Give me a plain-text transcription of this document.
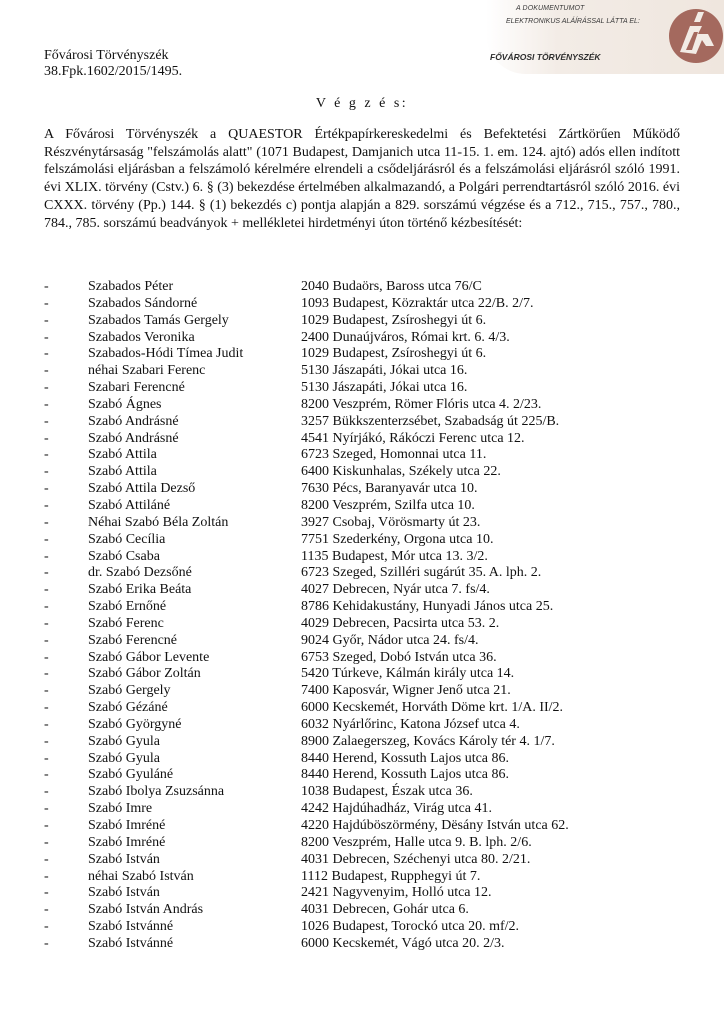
A DOKUMENTUMOT
ELEKTRONIKUS ALÁÍRÁSSAL LÁTTA EL:
FŐVÁROSI TÖRVÉNYSZÉK
Fővárosi Törvényszék
38.Fpk.1602/2015/1495.
V é g z é s:
A Fővárosi Törvényszék a QUAESTOR Értékpapírkereskedelmi és Befektetési Zártkörűen Működő Részvénytársaság "felszámolás alatt" (1071 Budapest, Damjanich utca 11-15. 1. em. 124. ajtó) adós ellen indított felszámolási eljárásban a felszámoló kérelmére elrendeli a csődeljárásról és a felszámolási eljárásról szóló 1991. évi XLIX. törvény (Cstv.) 6. § (3) bekezdése értelmében alkalmazandó, a Polgári perrendtartásról szóló 2016. évi CXXX. törvény (Pp.) 144. § (1) bekezdés c) pontja alapján a 829. sorszámú végzése és a 712., 715., 757., 780., 784., 785. sorszámú beadványok + mellékletei hirdetményi úton történő kézbesítését:
-	Szabados Péter	2040 Budaörs, Baross utca 76/C
-	Szabados Sándorné	1093 Budapest, Közraktár utca 22/B. 2/7.
-	Szabados Tamás Gergely	1029 Budapest, Zsíroshegyi út 6.
-	Szabados Veronika	2400 Dunaújváros, Római krt. 6. 4/3.
-	Szabados-Hódi Tímea Judit	1029 Budapest, Zsíroshegyi út 6.
-	néhai Szabari Ferenc	5130 Jászapáti, Jókai utca 16.
-	Szabari Ferencné	5130 Jászapáti, Jókai utca 16.
-	Szabó Ágnes	8200 Veszprém, Römer Flóris utca 4. 2/23.
-	Szabó Andrásné	3257 Bükkszenterzsébet, Szabadság út 225/B.
-	Szabó Andrásné	4541 Nyírjákó, Rákóczi Ferenc utca 12.
-	Szabó Attila	6723 Szeged, Homonnai utca 11.
-	Szabó Attila	6400 Kiskunhalas, Székely utca 22.
-	Szabó Attila Dezső	7630 Pécs, Baranyavár utca 10.
-	Szabó Attiláné	8200 Veszprém, Szilfa utca 10.
-	Néhai Szabó Béla Zoltán	3927 Csobaj, Vörösmarty út 23.
-	Szabó Cecília	7751 Szederkény, Orgona utca 10.
-	Szabó Csaba	1135 Budapest, Mór utca 13. 3/2.
-	dr. Szabó Dezsőné	6723 Szeged, Szilléri sugárút 35. A. lph. 2.
-	Szabó Erika Beáta	4027 Debrecen, Nyár utca 7. fs/4.
-	Szabó Ernőné	8786 Kehidakustány, Hunyadi János utca 25.
-	Szabó Ferenc	4029 Debrecen, Pacsirta utca 53. 2.
-	Szabó Ferencné	9024 Győr, Nádor utca 24. fs/4.
-	Szabó Gábor Levente	6753 Szeged, Dobó István utca 36.
-	Szabó Gábor Zoltán	5420 Túrkeve, Kálmán király utca 14.
-	Szabó Gergely	7400 Kaposvár, Wigner Jenő utca 21.
-	Szabó Gézáné	6000 Kecskemét, Horváth Döme krt. 1/A. II/2.
-	Szabó Györgyné	6032 Nyárlőrinc, Katona József utca 4.
-	Szabó Gyula	8900 Zalaegerszeg, Kovács Károly tér 4. 1/7.
-	Szabó Gyula	8440 Herend, Kossuth Lajos utca 86.
-	Szabó Gyuláné	8440 Herend, Kossuth Lajos utca 86.
-	Szabó Ibolya Zsuzsánna	1038 Budapest, Észak utca 36.
-	Szabó Imre	4242 Hajdúhadház, Virág utca 41.
-	Szabó Imréné	4220 Hajdúböszörmény, Dësány István utca 62.
-	Szabó Imréné	8200 Veszprém, Halle utca 9. B. lph. 2/6.
-	Szabó István	4031 Debrecen, Széchenyi utca 80. 2/21.
-	néhai Szabó István	1112 Budapest, Rupphegyi út 7.
-	Szabó István	2421 Nagyvenyim, Holló utca 12.
-	Szabó István András	4031 Debrecen, Gohár utca 6.
-	Szabó Istvánné	1026 Budapest, Torockó utca 20. mf/2.
-	Szabó Istvánné	6000 Kecskemét, Vágó utca 20. 2/3.
